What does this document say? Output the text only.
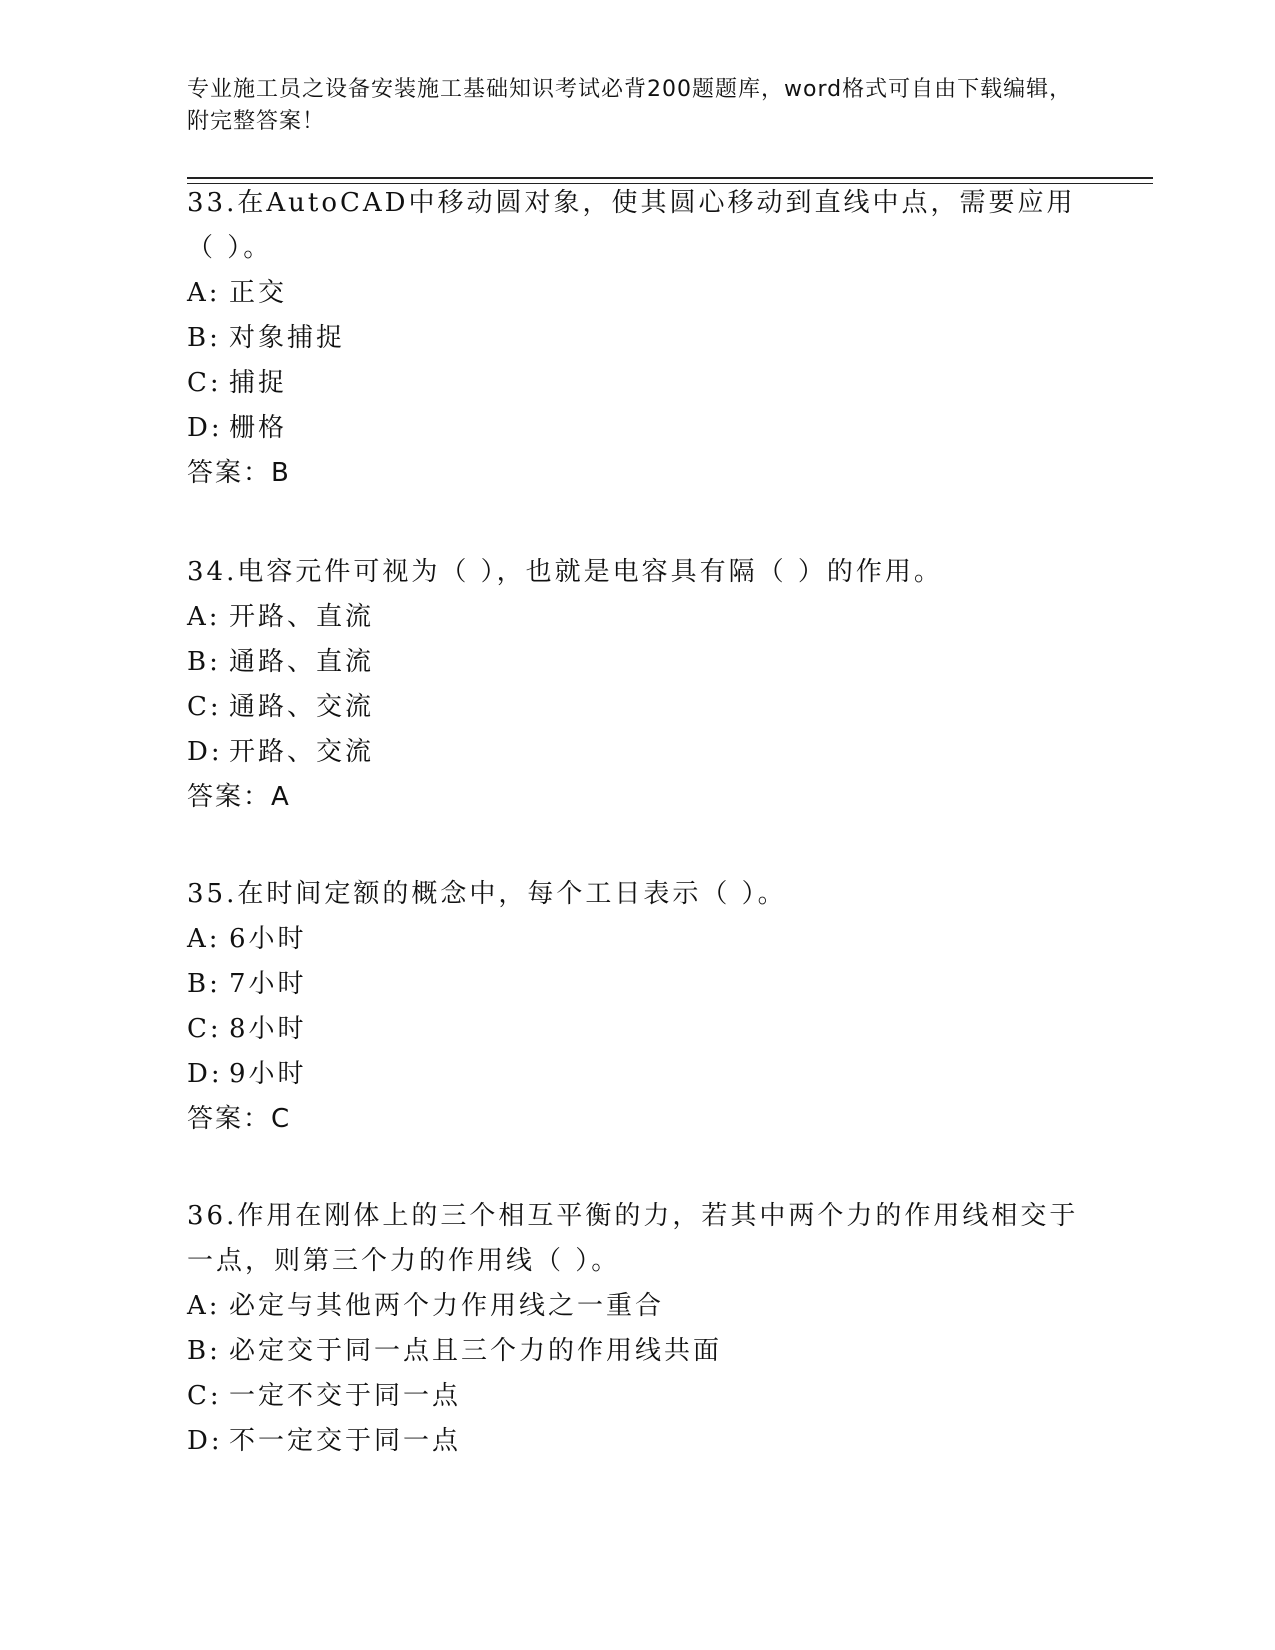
专业施工员之设备安装施工基础知识考试必背200题题库，word格式可自由下载编辑，附完整答案！
33.在AutoCAD中移动圆对象，使其圆心移动到直线中点，需要应用（ ）。
A: 正交
B: 对象捕捉
C: 捕捉
D: 栅格
答案：B
34.电容元件可视为（ ），也就是电容具有隔（ ）的作用。
A: 开路、直流
B: 通路、直流
C: 通路、交流
D: 开路、交流
答案：A
35.在时间定额的概念中，每个工日表示（ ）。
A: 6小时
B: 7小时
C: 8小时
D: 9小时
答案：C
36.作用在刚体上的三个相互平衡的力，若其中两个力的作用线相交于一点，则第三个力的作用线（ ）。
A: 必定与其他两个力作用线之一重合
B: 必定交于同一点且三个力的作用线共面
C: 一定不交于同一点
D: 不一定交于同一点
